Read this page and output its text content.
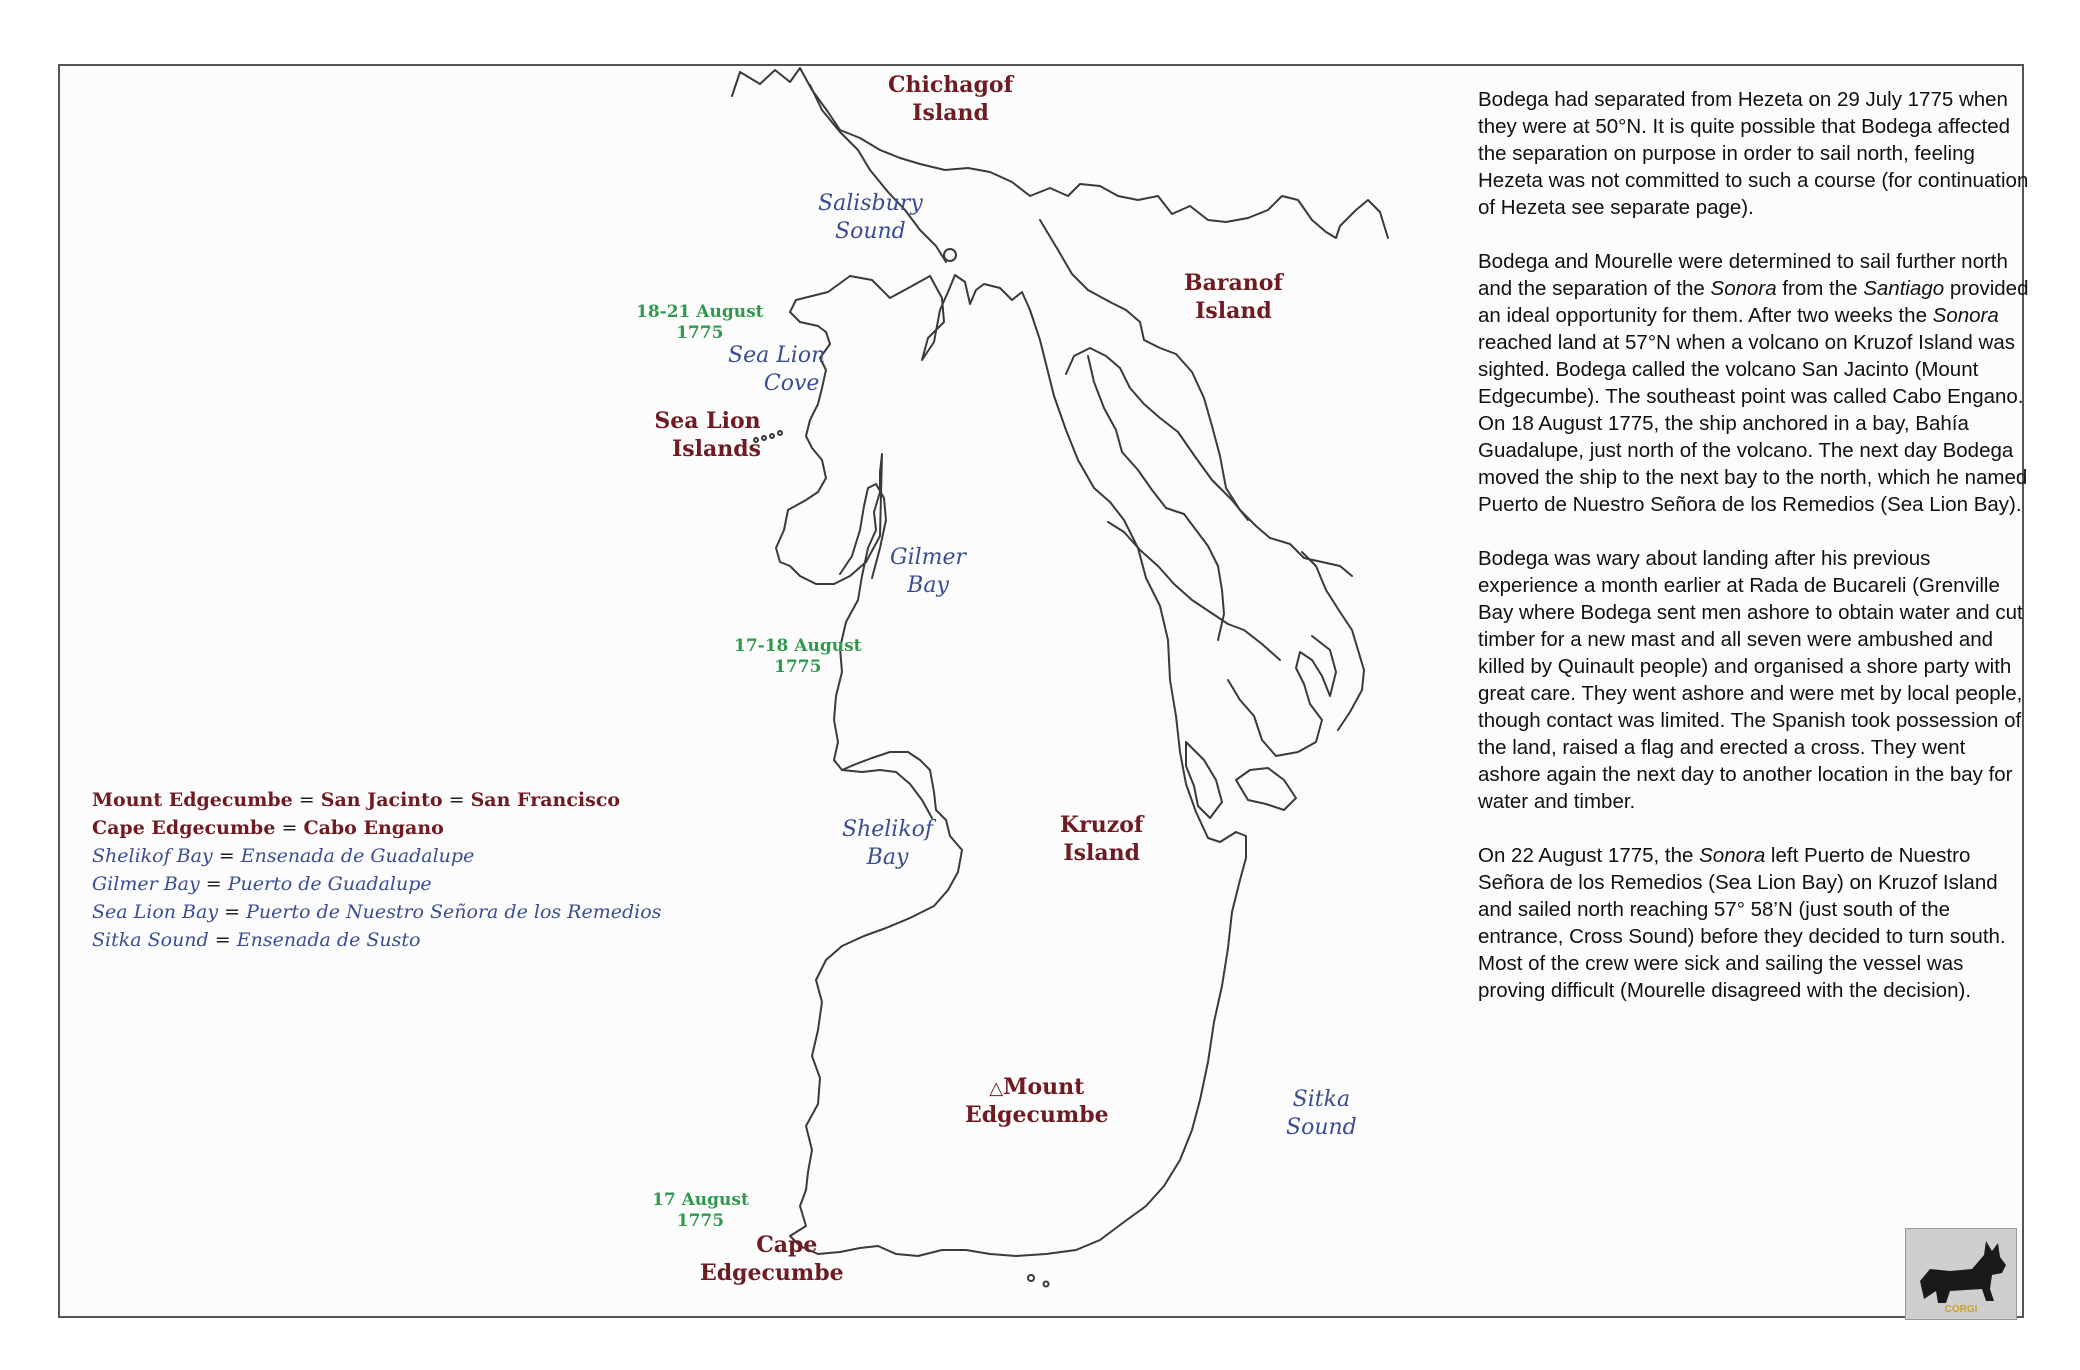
Chichagof
Island
Baranof
Island
Sea Lion
Islands
Kruzof
Island
△Mount
Edgecumbe
Cape
Edgecumbe
Salisbury
Sound
Sea Lion
Cove
Gilmer
Bay
Shelikof
Bay
Sitka
Sound
18-21 August
1775
17-18 August
1775
17 August
1775
Mount Edgecumbe = San Jacinto = San Francisco
Cape Edgecumbe = Cabo Engano
Shelikof Bay = Ensenada de Guadalupe
Gilmer Bay = Puerto de Guadalupe
Sea Lion Bay = Puerto de Nuestro Señora de los Remedios
Sitka Sound = Ensenada de Susto

Bodega had separated from Hezeta on 29 July 1775 when they were at 50°N. It is quite possible that Bodega affected the separation on purpose in order to sail north, feeling Hezeta was not committed to such a course (for continuation of Hezeta see separate page).

Bodega and Mourelle were determined to sail further north and the separation of the Sonora from the Santiago provided an ideal opportunity for them. After two weeks the Sonora reached land at 57°N when a volcano on Kruzof Island was sighted. Bodega called the volcano San Jacinto (Mount Edgecumbe). The southeast point was called Cabo Engano. On 18 August 1775, the ship anchored in a bay, Bahía Guadalupe, just north of the volcano. The next day Bodega moved the ship to the next bay to the north, which he named Puerto de Nuestro Señora de los Remedios (Sea Lion Bay).

Bodega was wary about landing after his previous experience a month earlier at Rada de Bucareli (Grenville Bay where Bodega sent men ashore to obtain water and cut timber for a new mast and all seven were ambushed and killed by Quinault people) and organised a shore party with great care. They went ashore and were met by local people, though contact was limited. The Spanish took possession of the land, raised a flag and erected a cross. They went ashore again the next day to another location in the bay for water and timber.

On 22 August 1775, the Sonora left Puerto de Nuestro Señora de los Remedios (Sea Lion Bay) on Kruzof Island and sailed north reaching 57° 58’N (just south of the entrance, Cross Sound) before they decided to turn south. Most of the crew were sick and sailing the vessel was proving difficult (Mourelle disagreed with the decision).

CORGI
